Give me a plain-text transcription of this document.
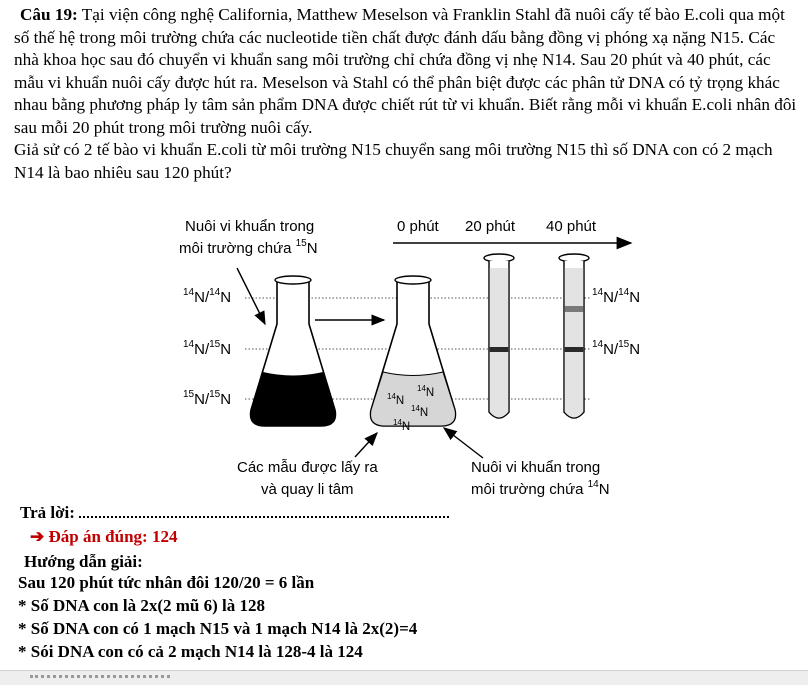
Câu 19: Tại viện công nghệ California, Matthew Meselson và Franklin Stahl đã nuôi cấy tế bào E.coli qua một số thế hệ trong môi trường chứa các nucleotide tiền chất được đánh dấu bằng đồng vị phóng xạ nặng N15. Các nhà khoa học sau đó chuyển vi khuẩn sang môi trường chỉ chứa đồng vị nhẹ N14. Sau 20 phút và 40 phút, các mẫu vi khuẩn nuôi cấy được hút ra. Meselson và Stahl có thể phân biệt được các phân tử DNA có tỷ trọng khác nhau bằng phương pháp ly tâm sản phẩm DNA được chiết rút từ vi khuẩn. Biết rằng mỗi vi khuẩn E.coli nhân đôi sau mỗi 20 phút trong môi trường nuôi cấy.

Giả sử có 2 tế bào vi khuẩn E.coli từ môi trường N15 chuyển sang môi trường N15 thì số DNA con có 2 mạch N14 là bao nhiêu sau 120 phút?

Nuôi vi khuẩn trong
môi trường chứa $^{15}$N
0 phút 20 phút 40 phút
$^{14}$N/$^{14}$N
$^{14}$N/$^{15}$N
$^{15}$N/$^{15}$N	$^{14}$N
$^{14}$N
$^{14}$N
$^{14}$N
$^{14}$N/$^{14}$N
$^{14}$N/$^{15}$N
Các mẫu được lấy ra
và quay li tâm
Nuôi vi khuẩn trong
môi trường chứa $^{14}$N
Trả lời:
➔ Đáp án đúng: 124
Hướng dẫn giải:
Sau 120 phút tức nhân đôi 120/20 = 6 lần
* Số DNA con là 2x(2 mũ 6) là 128
* Số DNA con có 1 mạch N15 và 1 mạch N14 là 2x(2)=4
* Sói DNA con có cả 2 mạch N14 là 128-4 là 124
